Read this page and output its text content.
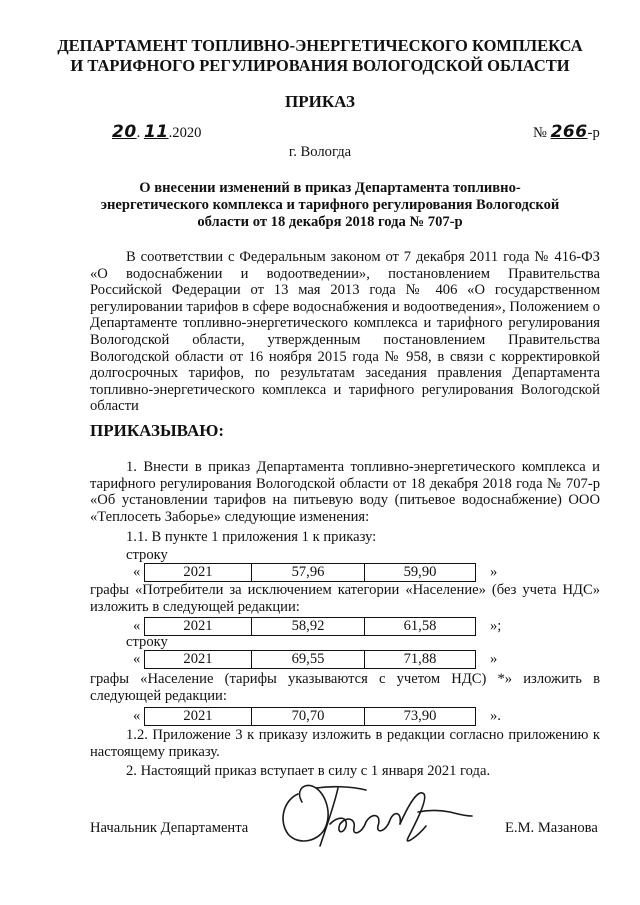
ДЕПАРТАМЕНТ ТОПЛИВНО-ЭНЕРГЕТИЧЕСКОГО КОМПЛЕКСА
И ТАРИФНОГО РЕГУЛИРОВАНИЯ ВОЛОГОДСКОЙ ОБЛАСТИ
ПРИКАЗ
20. 11.2020	№ 266-р
г. Вологда
О внесении изменений в приказ Департамента топливно-
энергетического комплекса и тарифного регулирования Вологодской
области от 18 декабря 2018 года № 707-р
В соответствии с Федеральным законом от 7 декабря 2011 года № 416-ФЗ «О водоснабжении и водоотведении», постановлением Правительства Российской Федерации от 13 мая 2013 года № 406 «О государственном регулировании тарифов в сфере водоснабжения и водоотведения», Положением о Департаменте топливно-энергетического комплекса и тарифного регулирования Вологодской области, утвержденным постановлением Правительства Вологодской области от 16 ноября 2015 года № 958, в связи с корректировкой долгосрочных тарифов, по результатам заседания правления Департамента топливно-энергетического комплекса и тарифного регулирования Вологодской области
ПРИКАЗЫВАЮ:
1. Внести в приказ Департамента топливно-энергетического комплекса и тарифного регулирования Вологодской области от 18 декабря 2018 года № 707-р «Об установлении тарифов на питьевую воду (питьевое водоснабжение) ООО «Теплосеть Заборье» следующие изменения:
1.1. В пункте 1 приложения 1 к приказу:
строку
«	2021	57,96	59,90	»
графы «Потребители за исключением категории «Население» (без учета НДС» изложить в следующей редакции:
«	2021	58,92	61,58	»;
строку
«	2021	69,55	71,88	»
графы «Население (тарифы указываются с учетом НДС) *» изложить в следующей редакции:
«	2021	70,70	73,90	».
1.2. Приложение 3 к приказу изложить в редакции согласно приложению к настоящему приказу.
2. Настоящий приказ вступает в силу с 1 января 2021 года.
Начальник Департамента	Е.М. Мазанова
